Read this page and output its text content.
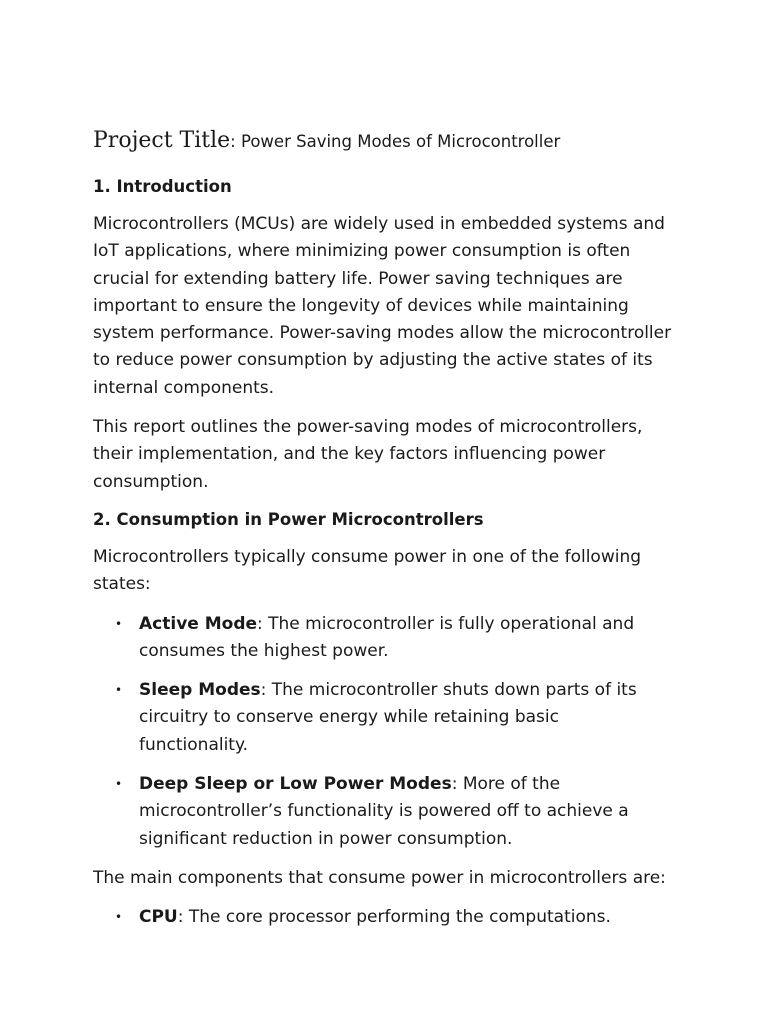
Project Title: Power Saving Modes of Microcontroller
1. Introduction

Microcontrollers (MCUs) are widely used in embedded systems and IoT applications, where minimizing power consumption is often crucial for extending battery life. Power saving techniques are important to ensure the longevity of devices while maintaining system performance. Power-saving modes allow the microcontroller to reduce power consumption by adjusting the active states of its internal components.

This report outlines the power-saving modes of microcontrollers, their implementation, and the key factors influencing power consumption.

2. Consumption in Power Microcontrollers

Microcontrollers typically consume power in one of the following states:

• Active Mode: The microcontroller is fully operational and consumes the highest power.
• Sleep Modes: The microcontroller shuts down parts of its circuitry to conserve energy while retaining basic functionality.
• Deep Sleep or Low Power Modes: More of the microcontroller’s functionality is powered off to achieve a significant reduction in power consumption.

The main components that consume power in microcontrollers are:

• CPU: The core processor performing the computations.
